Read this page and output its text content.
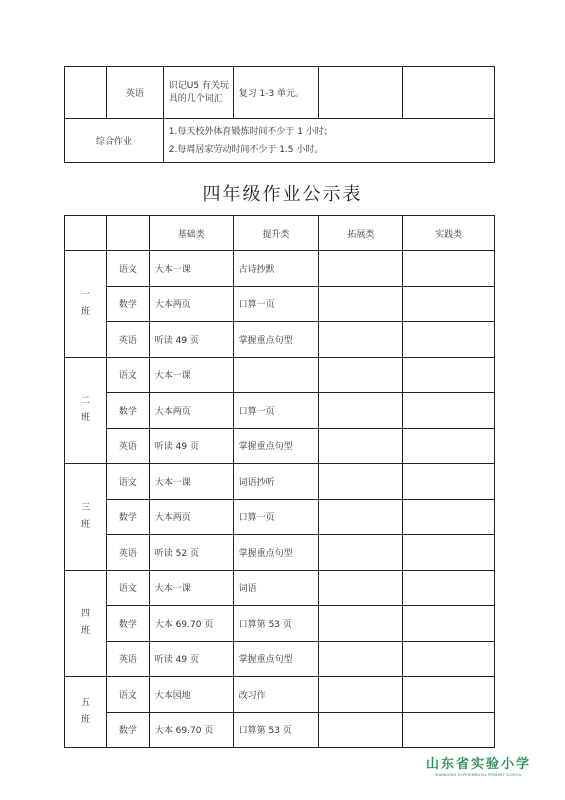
	英语	识记U5 有关玩具的几个词汇	复习 1-3 单元。		
综合作业		1.每天校外体育锻炼时间不少于 1 小时；
2.每周居家劳动时间不少于 1.5 小时。			
四年级作业公示表
		基础类	提升类	拓展类	实践类
一
班	语文	大本一课	古诗抄默		
	数学	大本两页	口算一页		
	英语	听读 49 页	掌握重点句型		
二
班	语文	大本一课			
	数学	大本两页	口算一页		
	英语	听读 49 页	掌握重点句型		
三
班	语文	大本一课	词语抄听		
	数学	大本两页	口算一页		
	英语	听读 52 页	掌握重点句型		
四
班	语文	大本一课	词语		
	数学	大本 69.70 页	口算第 53 页		
	英语	听读 49 页	掌握重点句型		
五
班	语文	大本园地	改习作		
	数学	大本 69.70 页	口算第 53 页		
山东省实验小学
SHANDONG EXPERIMENTAL PRIMARY SCHOOL
